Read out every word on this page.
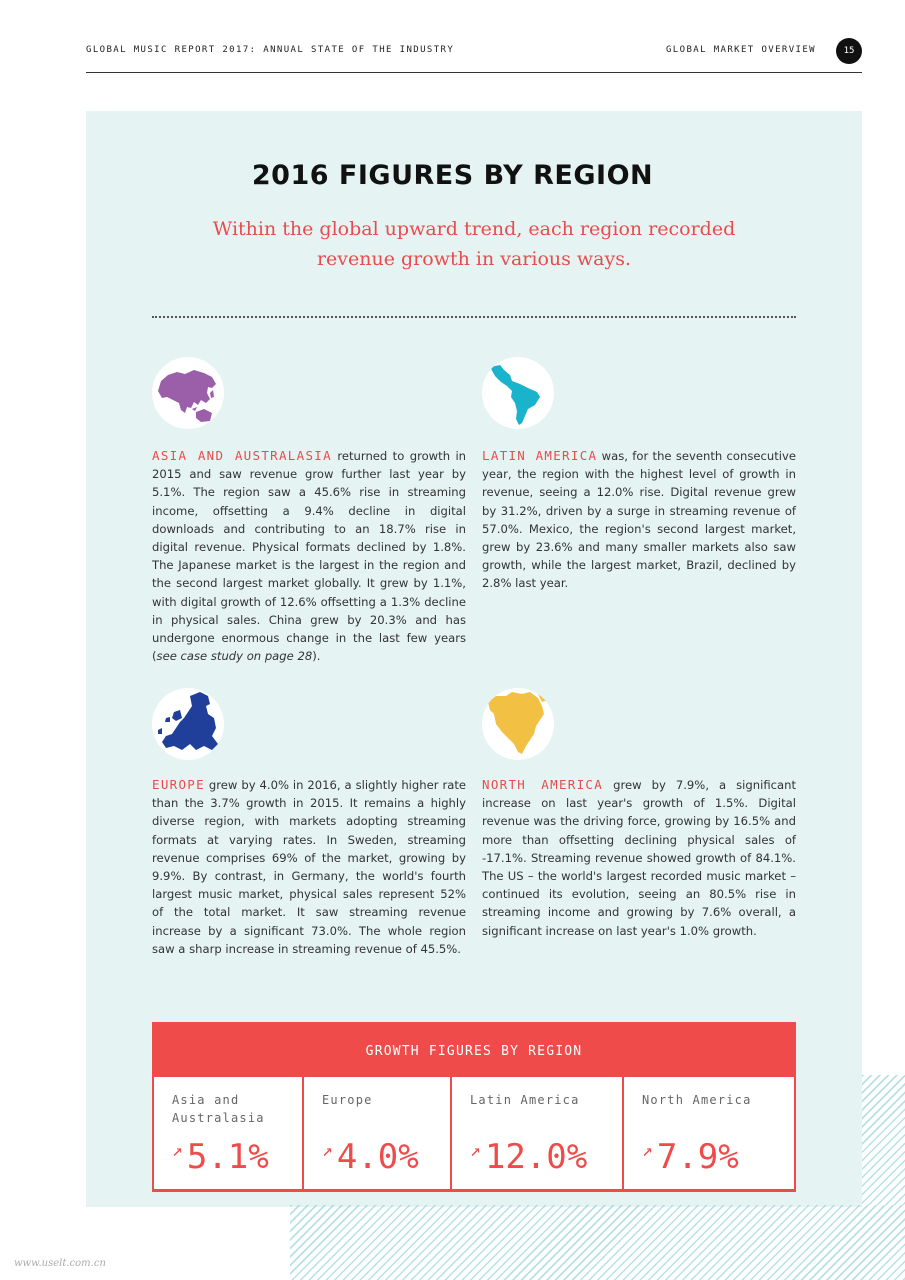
GLOBAL MUSIC REPORT 2017: ANNUAL STATE OF THE INDUSTRY	GLOBAL MARKET OVERVIEW	15
2016 FIGURES BY REGION
Within the global upward trend, each region recorded revenue growth in various ways.
ASIA AND AUSTRALASIA returned to growth in 2015 and saw revenue grow further last year by 5.1%. The region saw a 45.6% rise in streaming income, offsetting a 9.4% decline in digital downloads and contributing to an 18.7% rise in digital revenue. Physical formats declined by 1.8%. The Japanese market is the largest in the region and the second largest market globally. It grew by 1.1%, with digital growth of 12.6% offsetting a 1.3% decline in physical sales. China grew by 20.3% and has undergone enormous change in the last few years (see case study on page 28).
LATIN AMERICA was, for the seventh consecutive year, the region with the highest level of growth in revenue, seeing a 12.0% rise. Digital revenue grew by 31.2%, driven by a surge in streaming revenue of 57.0%. Mexico, the region's second largest market, grew by 23.6% and many smaller markets also saw growth, while the largest market, Brazil, declined by 2.8% last year.
EUROPE grew by 4.0% in 2016, a slightly higher rate than the 3.7% growth in 2015. It remains a highly diverse region, with markets adopting streaming formats at varying rates. In Sweden, streaming revenue comprises 69% of the market, growing by 9.9%. By contrast, in Germany, the world's fourth largest music market, physical sales represent 52% of the total market. It saw streaming revenue increase by a significant 73.0%. The whole region saw a sharp increase in streaming revenue of 45.5%.
NORTH AMERICA grew by 7.9%, a significant increase on last year's growth of 1.5%. Digital revenue was the driving force, growing by 16.5% and more than offsetting declining physical sales of -17.1%. Streaming revenue showed growth of 84.1%. The US – the world's largest recorded music market – continued its evolution, seeing an 80.5% rise in streaming income and growing by 7.6% overall, a significant increase on last year's 1.0% growth.
GROWTH FIGURES BY REGION
Asia and Australasia
↗ 5.1%
Europe
↗ 4.0%
Latin America
↗ 12.0%
North America
↗ 7.9%
www.uselt.com.cn
